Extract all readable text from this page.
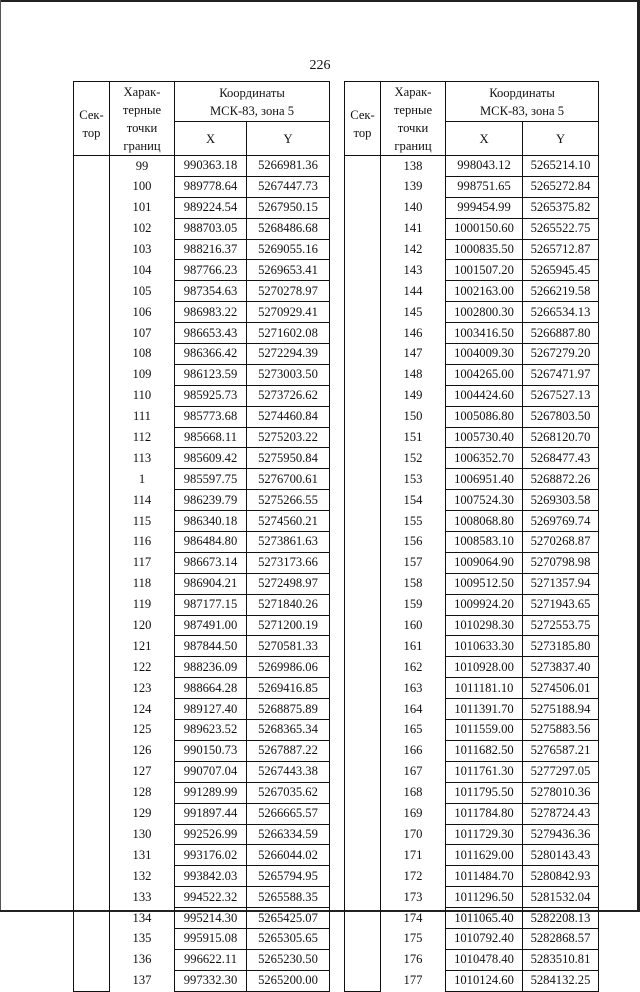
226
Сек-
тор	Харак-
терные
точки
границ	Координаты
МСК-83, зона 5	

		X	Y
	99	990363.18	5266981.36
	100	989778.64	5267447.73
	101	989224.54	5267950.15
	102	988703.05	5268486.68
	103	988216.37	5269055.16
	104	987766.23	5269653.41
	105	987354.63	5270278.97
	106	986983.22	5270929.41
	107	986653.43	5271602.08
	108	986366.42	5272294.39
	109	986123.59	5273003.50
	110	985925.73	5273726.62
	111	985773.68	5274460.84
	112	985668.11	5275203.22
	113	985609.42	5275950.84
	1	985597.75	5276700.61
	114	986239.79	5275266.55
	115	986340.18	5274560.21
	116	986484.80	5273861.63
	117	986673.14	5273173.66
	118	986904.21	5272498.97
	119	987177.15	5271840.26
	120	987491.00	5271200.19
	121	987844.50	5270581.33
	122	988236.09	5269986.06
	123	988664.28	5269416.85
	124	989127.40	5268875.89
	125	989623.52	5268365.34
	126	990150.73	5267887.22
	127	990707.04	5267443.38
	128	991289.99	5267035.62
	129	991897.44	5266665.57
	130	992526.99	5266334.59
	131	993176.02	5266044.02
	132	993842.03	5265794.95
	133	994522.32	5265588.35
	134	995214.30	5265425.07
	135	995915.08	5265305.65
	136	996622.11	5265230.50
	137	997332.30	5265200.00
Сек-
тор	Харак-
терные
точки
границ	Координаты
МСК-83, зона 5	

		X	Y
	138	998043.12	5265214.10
	139	998751.65	5265272.84
	140	999454.99	5265375.82
	141	1000150.60	5265522.75
	142	1000835.50	5265712.87
	143	1001507.20	5265945.45
	144	1002163.00	5266219.58
	145	1002800.30	5266534.13
	146	1003416.50	5266887.80
	147	1004009.30	5267279.20
	148	1004265.00	5267471.97
	149	1004424.60	5267527.13
	150	1005086.80	5267803.50
	151	1005730.40	5268120.70
	152	1006352.70	5268477.43
	153	1006951.40	5268872.26
	154	1007524.30	5269303.58
	155	1008068.80	5269769.74
	156	1008583.10	5270268.87
	157	1009064.90	5270798.98
	158	1009512.50	5271357.94
	159	1009924.20	5271943.65
	160	1010298.30	5272553.75
	161	1010633.30	5273185.80
	162	1010928.00	5273837.40
	163	1011181.10	5274506.01
	164	1011391.70	5275188.94
	165	1011559.00	5275883.56
	166	1011682.50	5276587.21
	167	1011761.30	5277297.05
	168	1011795.50	5278010.36
	169	1011784.80	5278724.43
	170	1011729.30	5279436.36
	171	1011629.00	5280143.43
	172	1011484.70	5280842.93
	173	1011296.50	5281532.04
	174	1011065.40	5282208.13
	175	1010792.40	5282868.57
	176	1010478.40	5283510.81
	177	1010124.60	5284132.25
